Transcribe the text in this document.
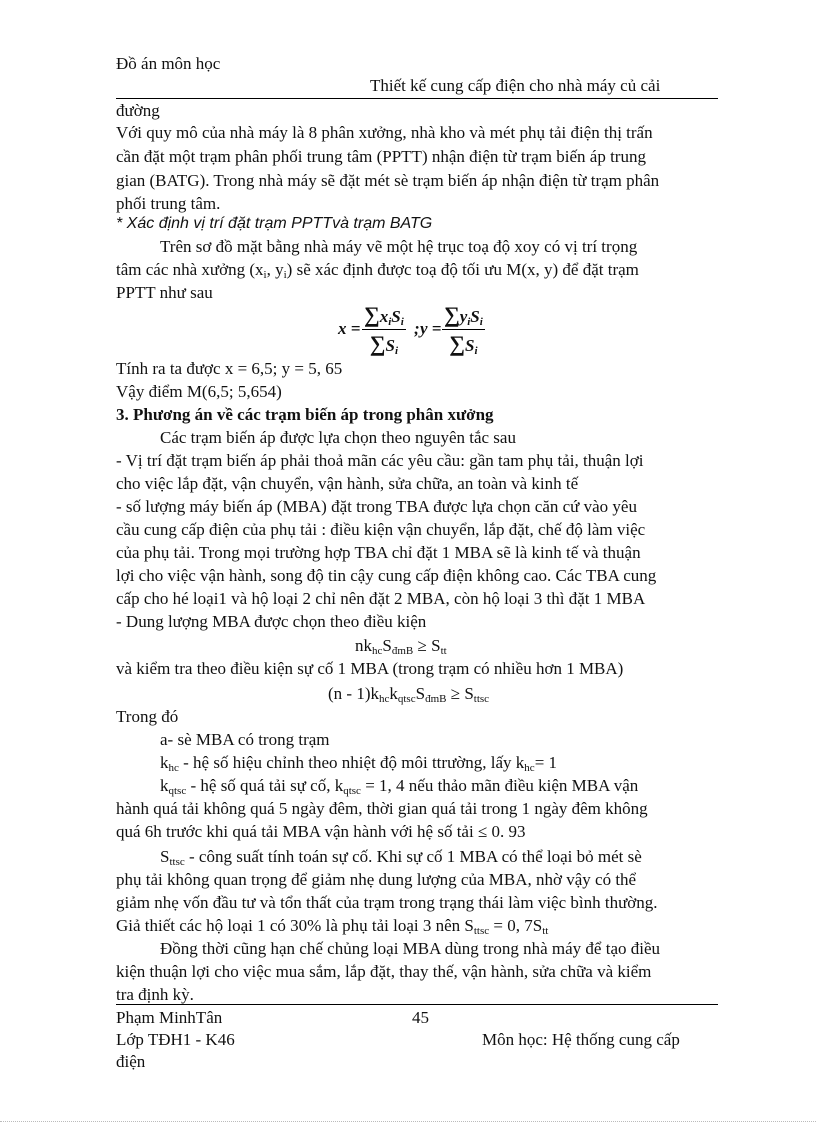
Đồ án môn học
Thiết kế cung cấp điện cho nhà máy củ cải
đường
Với quy mô của nhà máy là 8 phân xưởng, nhà kho và mét phụ tải điện thị trấn
cần đặt một trạm phân phối trung tâm (PPTT) nhận điện từ trạm biến áp trung
gian (BATG). Trong nhà máy sẽ đặt mét sè trạm biến áp nhận điện từ trạm phân
phối trung tâm.
* Xác định vị trí đặt trạm PPTTvà trạm BATG
Trên sơ đồ mặt bằng nhà máy vẽ một hệ trục toạ độ xoy có vị trí trọng
tâm các nhà xưởng ($x_i$, $y_i$) sẽ xác định được toạ độ tối ưu M(x, y) để đặt trạm
PPTT như sau
x =
$\sum x_iS_i$
$\sum S_i$
; y =
$\sum y_iS_i$
$\sum S_i$
Tính ra ta được x = 6,5; y = 5, 65
Vậy điểm M(6,5; 5,654)
3. Phương án về các trạm biến áp trong phân xưởng
Các trạm biến áp được lựa chọn theo nguyên tắc sau
- Vị trí đặt trạm biến áp phải thoả mãn các yêu cầu: gần tam phụ tải, thuận lợi
cho việc lắp đặt, vận chuyển, vận hành, sửa chữa, an toàn và kinh tế
- số lượng máy biến áp (MBA) đặt trong TBA được lựa chọn căn cứ vào yêu
cầu cung cấp điện của phụ tải : điều kiện vận chuyển, lắp đặt, chế độ làm việc
của phụ tải. Trong mọi trường hợp TBA chỉ đặt 1 MBA sẽ là kinh tế và thuận
lợi cho việc vận hành, song độ tin cậy cung cấp điện không cao. Các TBA cung
cấp cho hé loại1 và hộ loại 2 chỉ nên đặt 2 MBA, còn hộ loại 3 thì đặt 1 MBA
- Dung lượng MBA được chọn theo điều kiện
$nk_{hc}S_{đmB} \ge S_{tt}$
và kiểm tra theo điều kiện sự cố 1 MBA (trong trạm có nhiều hơn 1 MBA)
$(n - 1)k_{hc}k_{qtsc}S_{đmB} \ge S_{ttsc}$
Trong đó
a- sè MBA có trong trạm
$k_{hc}$ - hệ số hiệu chỉnh theo nhiệt độ môi ttrường, lấy $k_{hc}= 1$
$k_{qtsc}$ - hệ số quá tải sự cố, $k_{qtsc} = 1$, 4 nếu thảo mãn điều kiện MBA vận
hành quá tải không quá 5 ngày đêm, thời gian quá tải trong 1 ngày đêm không
quá 6h trước khi quá tải MBA vận hành với hệ số tải ≤ 0. 93
$S_{ttsc}$ - công suất tính toán sự cố. Khi sự cố 1 MBA có thể loại bỏ mét sè
phụ tải không quan trọng để giảm nhẹ dung lượng của MBA, nhờ vậy có thể
giảm nhẹ vốn đầu tư và tổn thất của trạm trong trạng thái làm việc bình thường.
Giả thiết các hộ loại 1 có 30% là phụ tải loại 3 nên $S_{ttsc} = 0$, $7S_{tt}$
Đồng thời cũng hạn chế chủng loại MBA dùng trong nhà máy để tạo điều
kiện thuận lợi cho việc mua sắm, lắp đặt, thay thế, vận hành, sửa chữa và kiểm
tra định kỳ.
Phạm MinhTân	45
Lớp TĐH1 - K46	Môn học: Hệ thống cung cấp
điện
